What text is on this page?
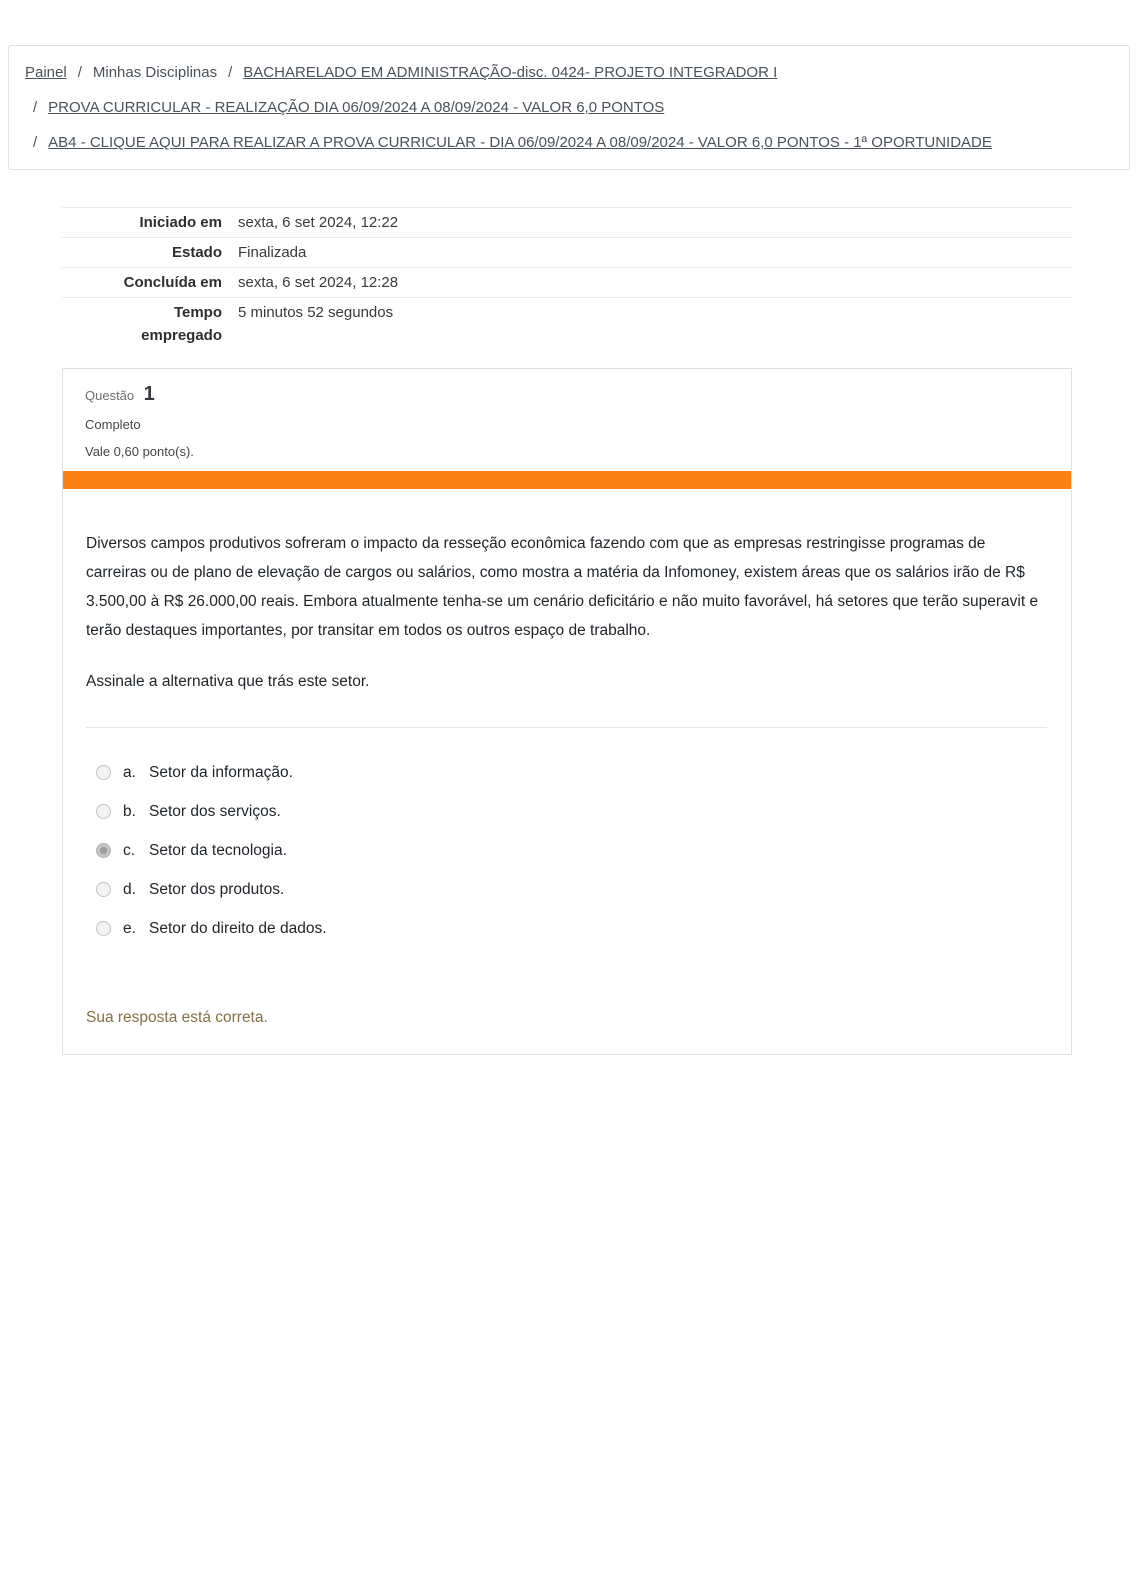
Painel / Minhas Disciplinas / BACHARELADO EM ADMINISTRAÇÃO-disc. 0424- PROJETO INTEGRADOR I
/ PROVA CURRICULAR - REALIZAÇÃO DIA 06/09/2024 A 08/09/2024 - VALOR 6,0 PONTOS
/ AB4 - CLIQUE AQUI PARA REALIZAR A PROVA CURRICULAR - DIA 06/09/2024 A 08/09/2024 - VALOR 6,0 PONTOS - 1ª OPORTUNIDADE
Iniciado em	sexta, 6 set 2024, 12:22
Estado	Finalizada
Concluída em	sexta, 6 set 2024, 12:28
Tempo empregado
5 minutos 52 segundos
Questão 1
Completo
Vale 0,60 ponto(s).

Diversos campos produtivos sofreram o impacto da resseção econômica fazendo com que as empresas restringisse programas de carreiras ou de plano de elevação de cargos ou salários, como mostra a matéria da Infomoney, existem áreas que os salários irão de R$ 3.500,00 à R$ 26.000,00 reais. Embora atualmente tenha-se um cenário deficitário e não muito favorável, há setores que terão superavit e terão destaques importantes, por transitar em todos os outros espaço de trabalho.

Assinale a alternativa que trás este setor.

a. Setor da informação.
b. Setor dos serviços.
c. Setor da tecnologia.
d. Setor dos produtos.
e. Setor do direito de dados.
Sua resposta está correta.
